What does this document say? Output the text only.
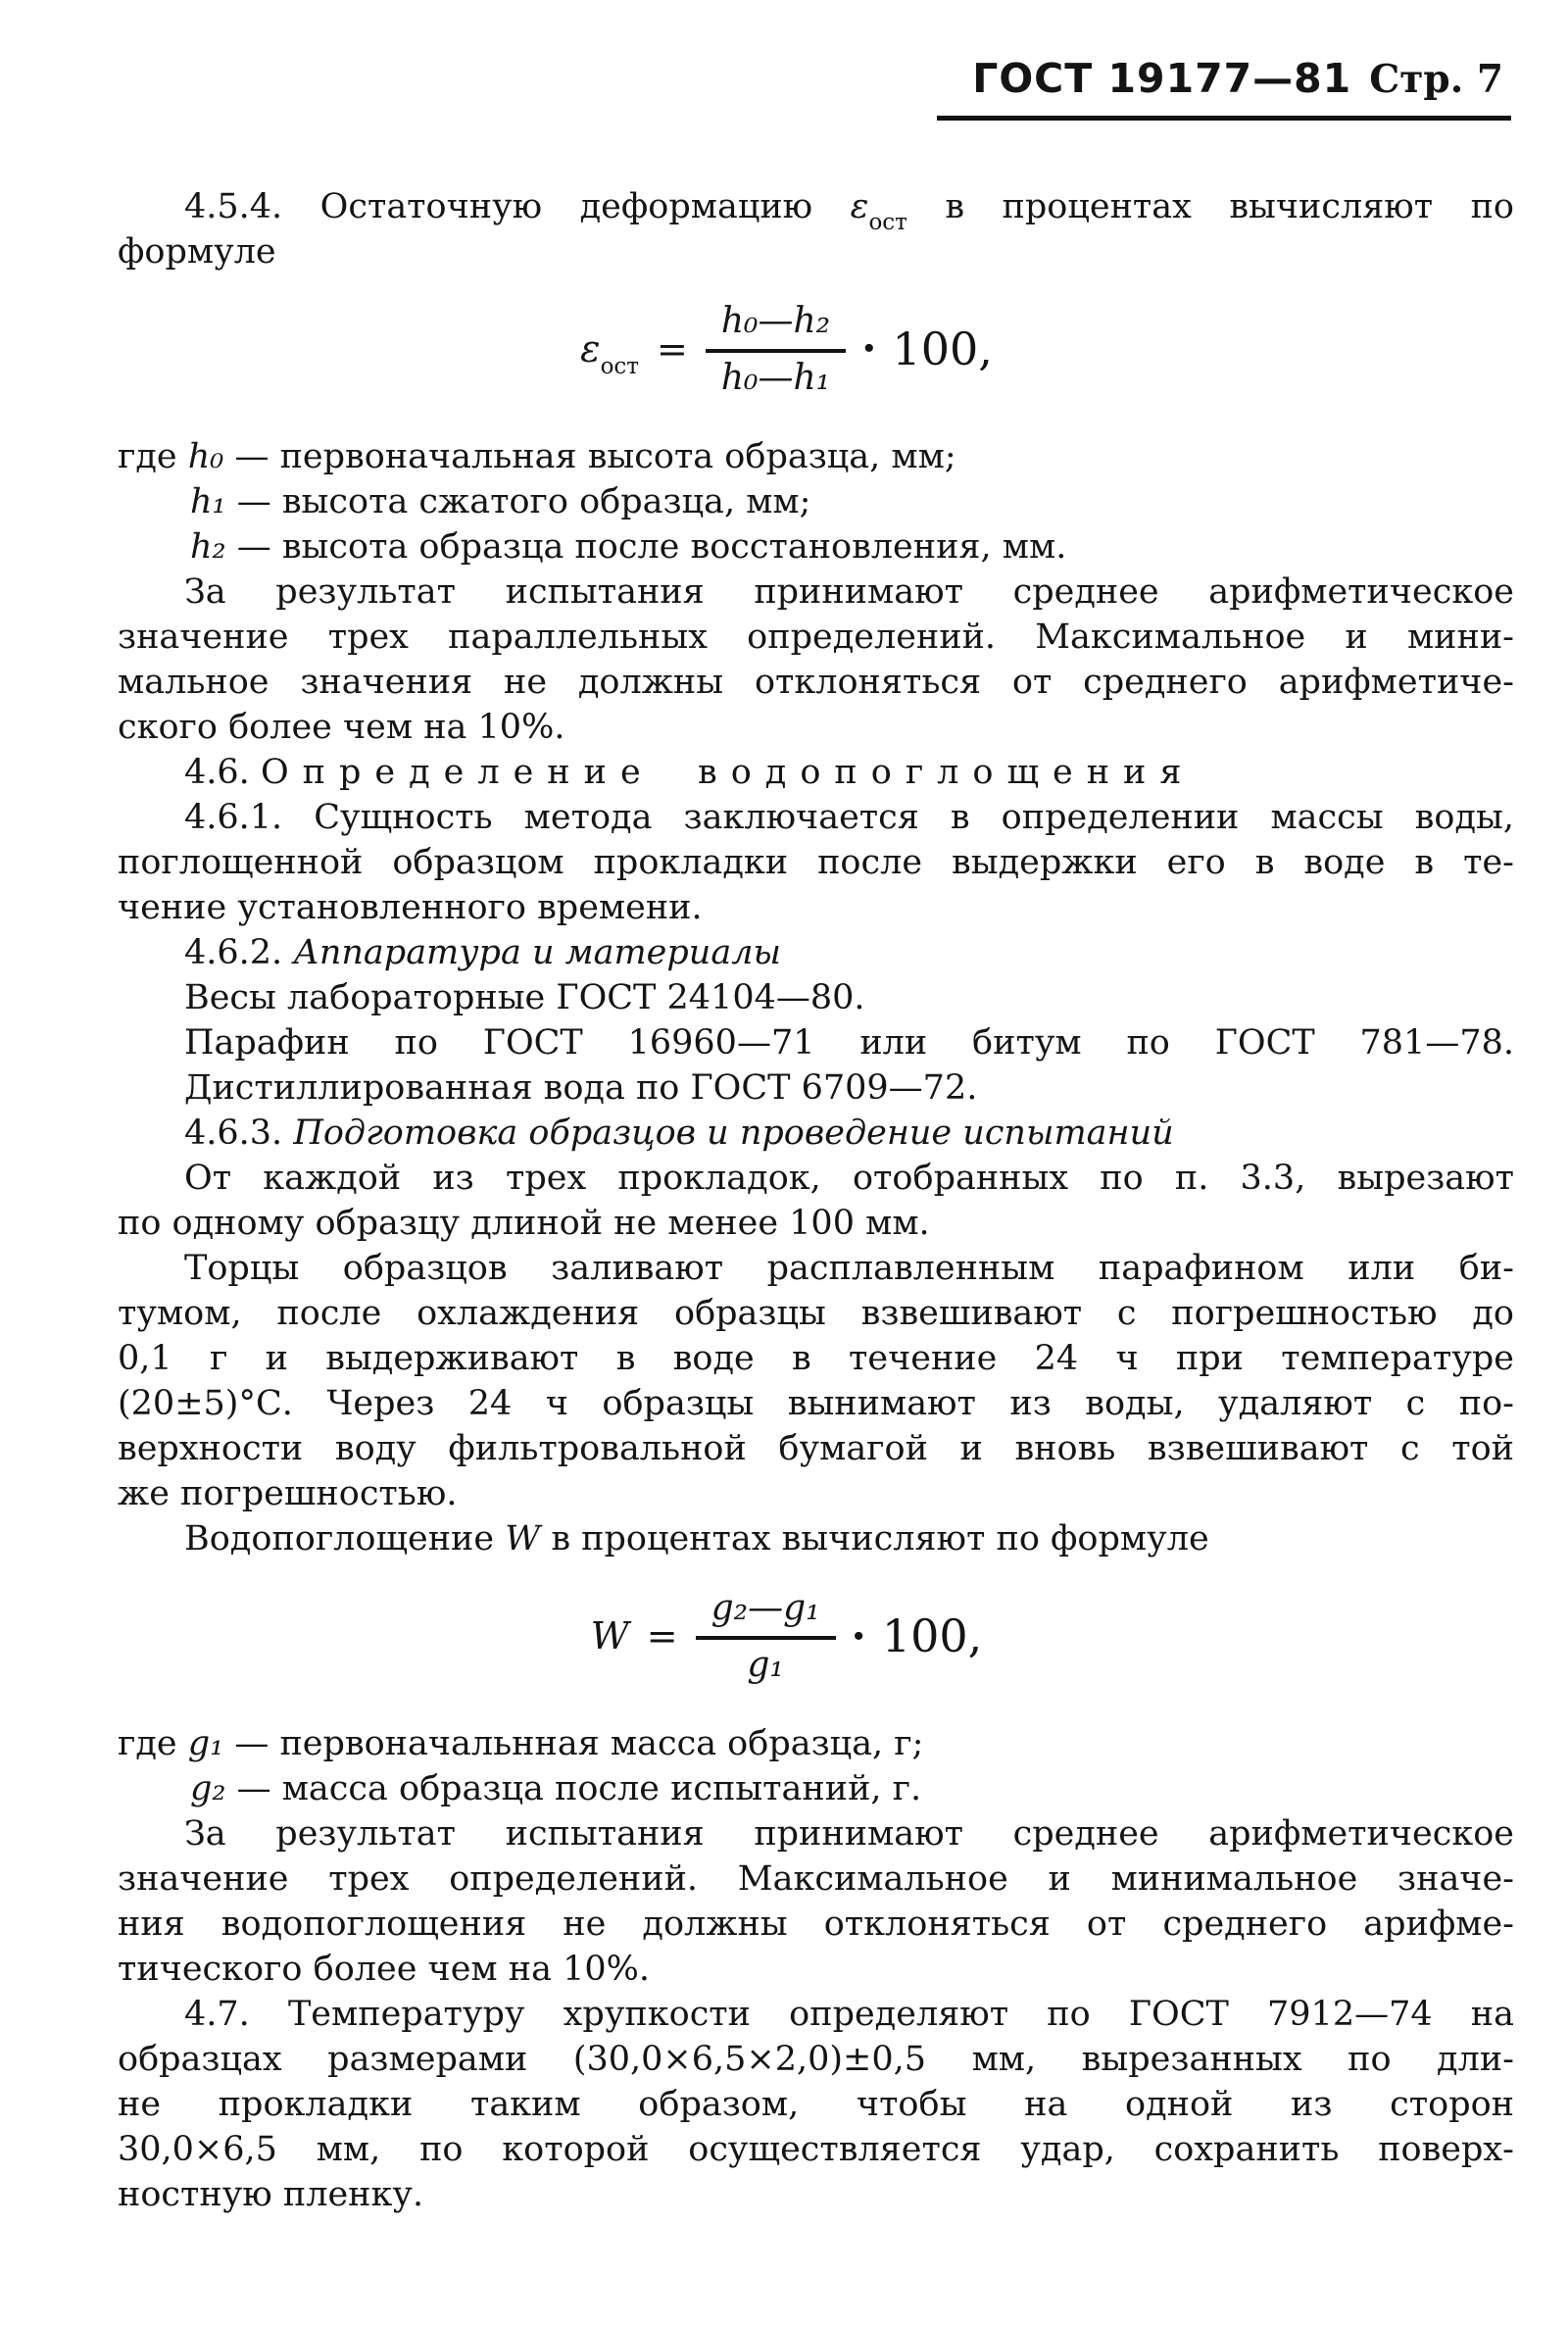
ГОСТ 19177—81 Стр. 7
4.5.4. Остаточную деформацию $\varepsilon_{ост}$ в процентах вычисляют по
формуле
$\varepsilon_{ост} = \frac{\text{h₀—h₂}}{\text{h₀—h₁}} \cdot 100$,
где h₀ — первоначальная высота образца, мм;
h₁ — высота сжатого образца, мм;
h₂ — высота образца после восстановления, мм.
За результат испытания принимают среднее арифметическое
значение трех параллельных определений. Максимальное и мини-
мальное значения не должны отклоняться от среднего арифметиче-
ского более чем на 10%.
4.6. Определение водопоглощения
4.6.1. Сущность метода заключается в определении массы воды,
поглощенной образцом прокладки после выдержки его в воде в те-
чение установленного времени.
4.6.2. Аппаратура и материалы
Весы лабораторные ГОСТ 24104—80.
Парафин по ГОСТ 16960—71 или битум по ГОСТ 781—78.
Дистиллированная вода по ГОСТ 6709—72.
4.6.3. Подготовка образцов и проведение испытаний
От каждой из трех прокладок, отобранных по п. 3.3, вырезают
по одному образцу длиной не менее 100 мм.
Торцы образцов заливают расплавленным парафином или би-
тумом, после охлаждения образцы взвешивают с погрешностью до
0,1 г и выдерживают в воде в течение 24 ч при температуре
(20±5)°С. Через 24 ч образцы вынимают из воды, удаляют с по-
верхности воду фильтровальной бумагой и вновь взвешивают с той
же погрешностью.
Водопоглощение W в процентах вычисляют по формуле
$W = \frac{\text{g₂—g₁}}{\text{g₁}} \cdot 100$,
где g₁ — первоначальнная масса образца, г;
g₂ — масса образца после испытаний, г.
За результат испытания принимают среднее арифметическое
значение трех определений. Максимальное и минимальное значе-
ния водопоглощения не должны отклоняться от среднего арифме-
тического более чем на 10%.
4.7. Температуру хрупкости определяют по ГОСТ 7912—74 на
образцах размерами (30,0×6,5×2,0)±0,5 мм, вырезанных по дли-
не прокладки таким образом, чтобы на одной из сторон
30,0×6,5 мм, по которой осуществляется удар, сохранить поверх-
ностную пленку.
